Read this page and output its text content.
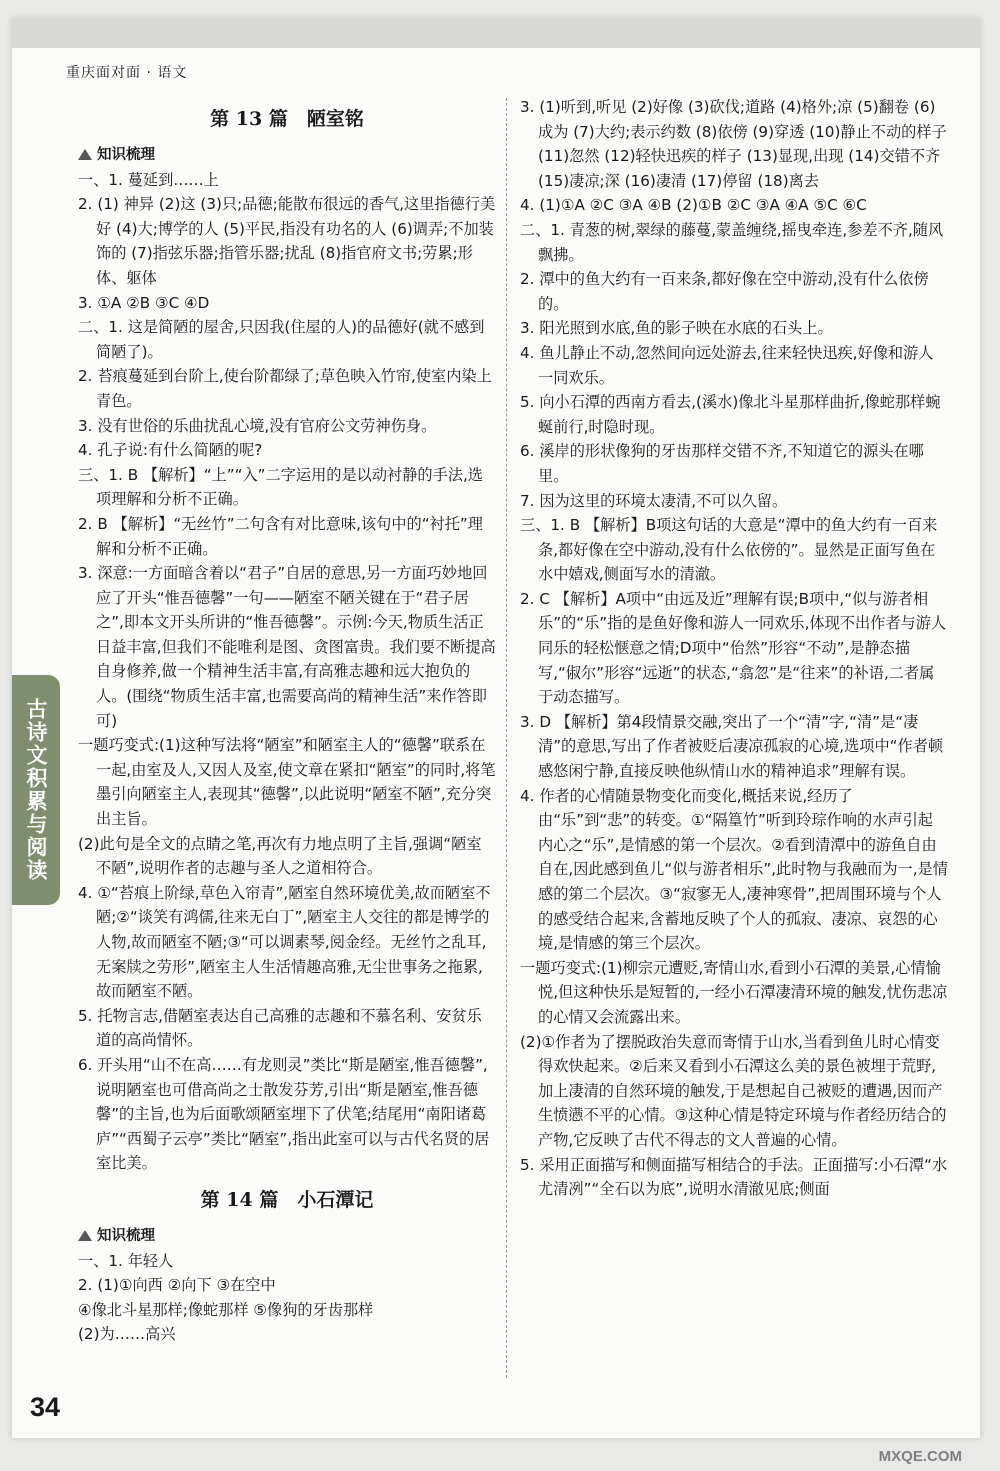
重庆面对面 · 语文
古诗文积累与阅读
第 13 篇　陋室铭
知识梳理

一、1. 蔓延到……上

2. (1) 神异 (2)这 (3)只;品德;能散布很远的香气,这里指德行美好 (4)大;博学的人 (5)平民,指没有功名的人 (6)调弄;不加装饰的 (7)指弦乐器;指管乐器;扰乱 (8)指官府文书;劳累;形体、躯体

3. ①A ②B ③C ④D

二、1. 这是简陋的屋舍,只因我(住屋的人)的品德好(就不感到简陋了)。

2. 苔痕蔓延到台阶上,使台阶都绿了;草色映入竹帘,使室内染上青色。

3. 没有世俗的乐曲扰乱心境,没有官府公文劳神伤身。

4. 孔子说:有什么简陋的呢?

三、1. B 【解析】“上”“入”二字运用的是以动衬静的手法,选项理解和分析不正确。

2. B 【解析】“无丝竹”二句含有对比意味,该句中的“衬托”理解和分析不正确。

3. 深意:一方面暗含着以“君子”自居的意思,另一方面巧妙地回应了开头“惟吾德馨”一句——陋室不陋关键在于“君子居之”,即本文开头所讲的“惟吾德馨”。示例:今天,物质生活正日益丰富,但我们不能唯利是图、贪图富贵。我们要不断提高自身修养,做一个精神生活丰富,有高雅志趣和远大抱负的人。(围绕“物质生活丰富,也需要高尚的精神生活”来作答即可)

一题巧变式:(1)这种写法将“陋室”和陋室主人的“德馨”联系在一起,由室及人,又因人及室,使文章在紧扣“陋室”的同时,将笔墨引向陋室主人,表现其“德馨”,以此说明“陋室不陋”,充分突出主旨。

(2)此句是全文的点睛之笔,再次有力地点明了主旨,强调“陋室不陋”,说明作者的志趣与圣人之道相符合。

4. ①“苔痕上阶绿,草色入帘青”,陋室自然环境优美,故而陋室不陋;②“谈笑有鸿儒,往来无白丁”,陋室主人交往的都是博学的人物,故而陋室不陋;③“可以调素琴,阅金经。无丝竹之乱耳,无案牍之劳形”,陋室主人生活情趣高雅,无尘世事务之拖累,故而陋室不陋。

5. 托物言志,借陋室表达自己高雅的志趣和不慕名利、安贫乐道的高尚情怀。

6. 开头用“山不在高……有龙则灵”类比“斯是陋室,惟吾德馨”,说明陋室也可借高尚之士散发芬芳,引出“斯是陋室,惟吾德馨”的主旨,也为后面歌颂陋室埋下了伏笔;结尾用“南阳诸葛庐”“西蜀子云亭”类比“陋室”,指出此室可以与古代名贤的居室比美。

第 14 篇　小石潭记
知识梳理

一、1. 年轻人

2. (1)①向西 ②向下 ③在空中

④像北斗星那样;像蛇那样 ⑤像狗的牙齿那样

(2)为……高兴

3. (1)听到,听见 (2)好像 (3)砍伐;道路 (4)格外;凉 (5)翻卷 (6)成为 (7)大约;表示约数 (8)依傍 (9)穿透 (10)静止不动的样子 (11)忽然 (12)轻快迅疾的样子 (13)显现,出现 (14)交错不齐 (15)凄凉;深 (16)凄清 (17)停留 (18)离去

4. (1)①A ②C ③A ④B (2)①B ②C ③A ④A ⑤C ⑥C

二、1. 青葱的树,翠绿的藤蔓,蒙盖缠绕,摇曳牵连,参差不齐,随风飘拂。

2. 潭中的鱼大约有一百来条,都好像在空中游动,没有什么依傍的。

3. 阳光照到水底,鱼的影子映在水底的石头上。

4. 鱼儿静止不动,忽然间向远处游去,往来轻快迅疾,好像和游人一同欢乐。

5. 向小石潭的西南方看去,(溪水)像北斗星那样曲折,像蛇那样蜿蜒前行,时隐时现。

6. 溪岸的形状像狗的牙齿那样交错不齐,不知道它的源头在哪里。

7. 因为这里的环境太凄清,不可以久留。

三、1. B 【解析】B项这句话的大意是“潭中的鱼大约有一百来条,都好像在空中游动,没有什么依傍的”。显然是正面写鱼在水中嬉戏,侧面写水的清澈。

2. C 【解析】A项中“由远及近”理解有误;B项中,“似与游者相乐”的“乐”指的是鱼好像和游人一同欢乐,体现不出作者与游人同乐的轻松惬意之情;D项中“佁然”形容“不动”,是静态描写,“俶尔”形容“远逝”的状态,“翕忽”是“往来”的补语,二者属于动态描写。

3. D 【解析】第4段情景交融,突出了一个“清”字,“清”是“凄清”的意思,写出了作者被贬后凄凉孤寂的心境,选项中“作者顿感悠闲宁静,直接反映他纵情山水的精神追求”理解有误。

4. 作者的心情随景物变化而变化,概括来说,经历了由“乐”到“悲”的转变。①“隔篁竹”听到玲琮作响的水声引起内心之“乐”,是情感的第一个层次。②看到清潭中的游鱼自由自在,因此感到鱼儿“似与游者相乐”,此时物与我融而为一,是情感的第二个层次。③“寂寥无人,凄神寒骨”,把周围环境与个人的感受结合起来,含蓄地反映了个人的孤寂、凄凉、哀怨的心境,是情感的第三个层次。

一题巧变式:(1)柳宗元遭贬,寄情山水,看到小石潭的美景,心情愉悦,但这种快乐是短暂的,一经小石潭凄清环境的触发,忧伤悲凉的心情又会流露出来。

(2)①作者为了摆脱政治失意而寄情于山水,当看到鱼儿时心情变得欢快起来。②后来又看到小石潭这么美的景色被埋于荒野,加上凄清的自然环境的触发,于是想起自己被贬的遭遇,因而产生愤懑不平的心情。③这种心情是特定环境与作者经历结合的产物,它反映了古代不得志的文人普遍的心情。

5. 采用正面描写和侧面描写相结合的手法。正面描写:小石潭“水尤清冽”“全石以为底”,说明水清澈见底;侧面

34
MXQE.COM
